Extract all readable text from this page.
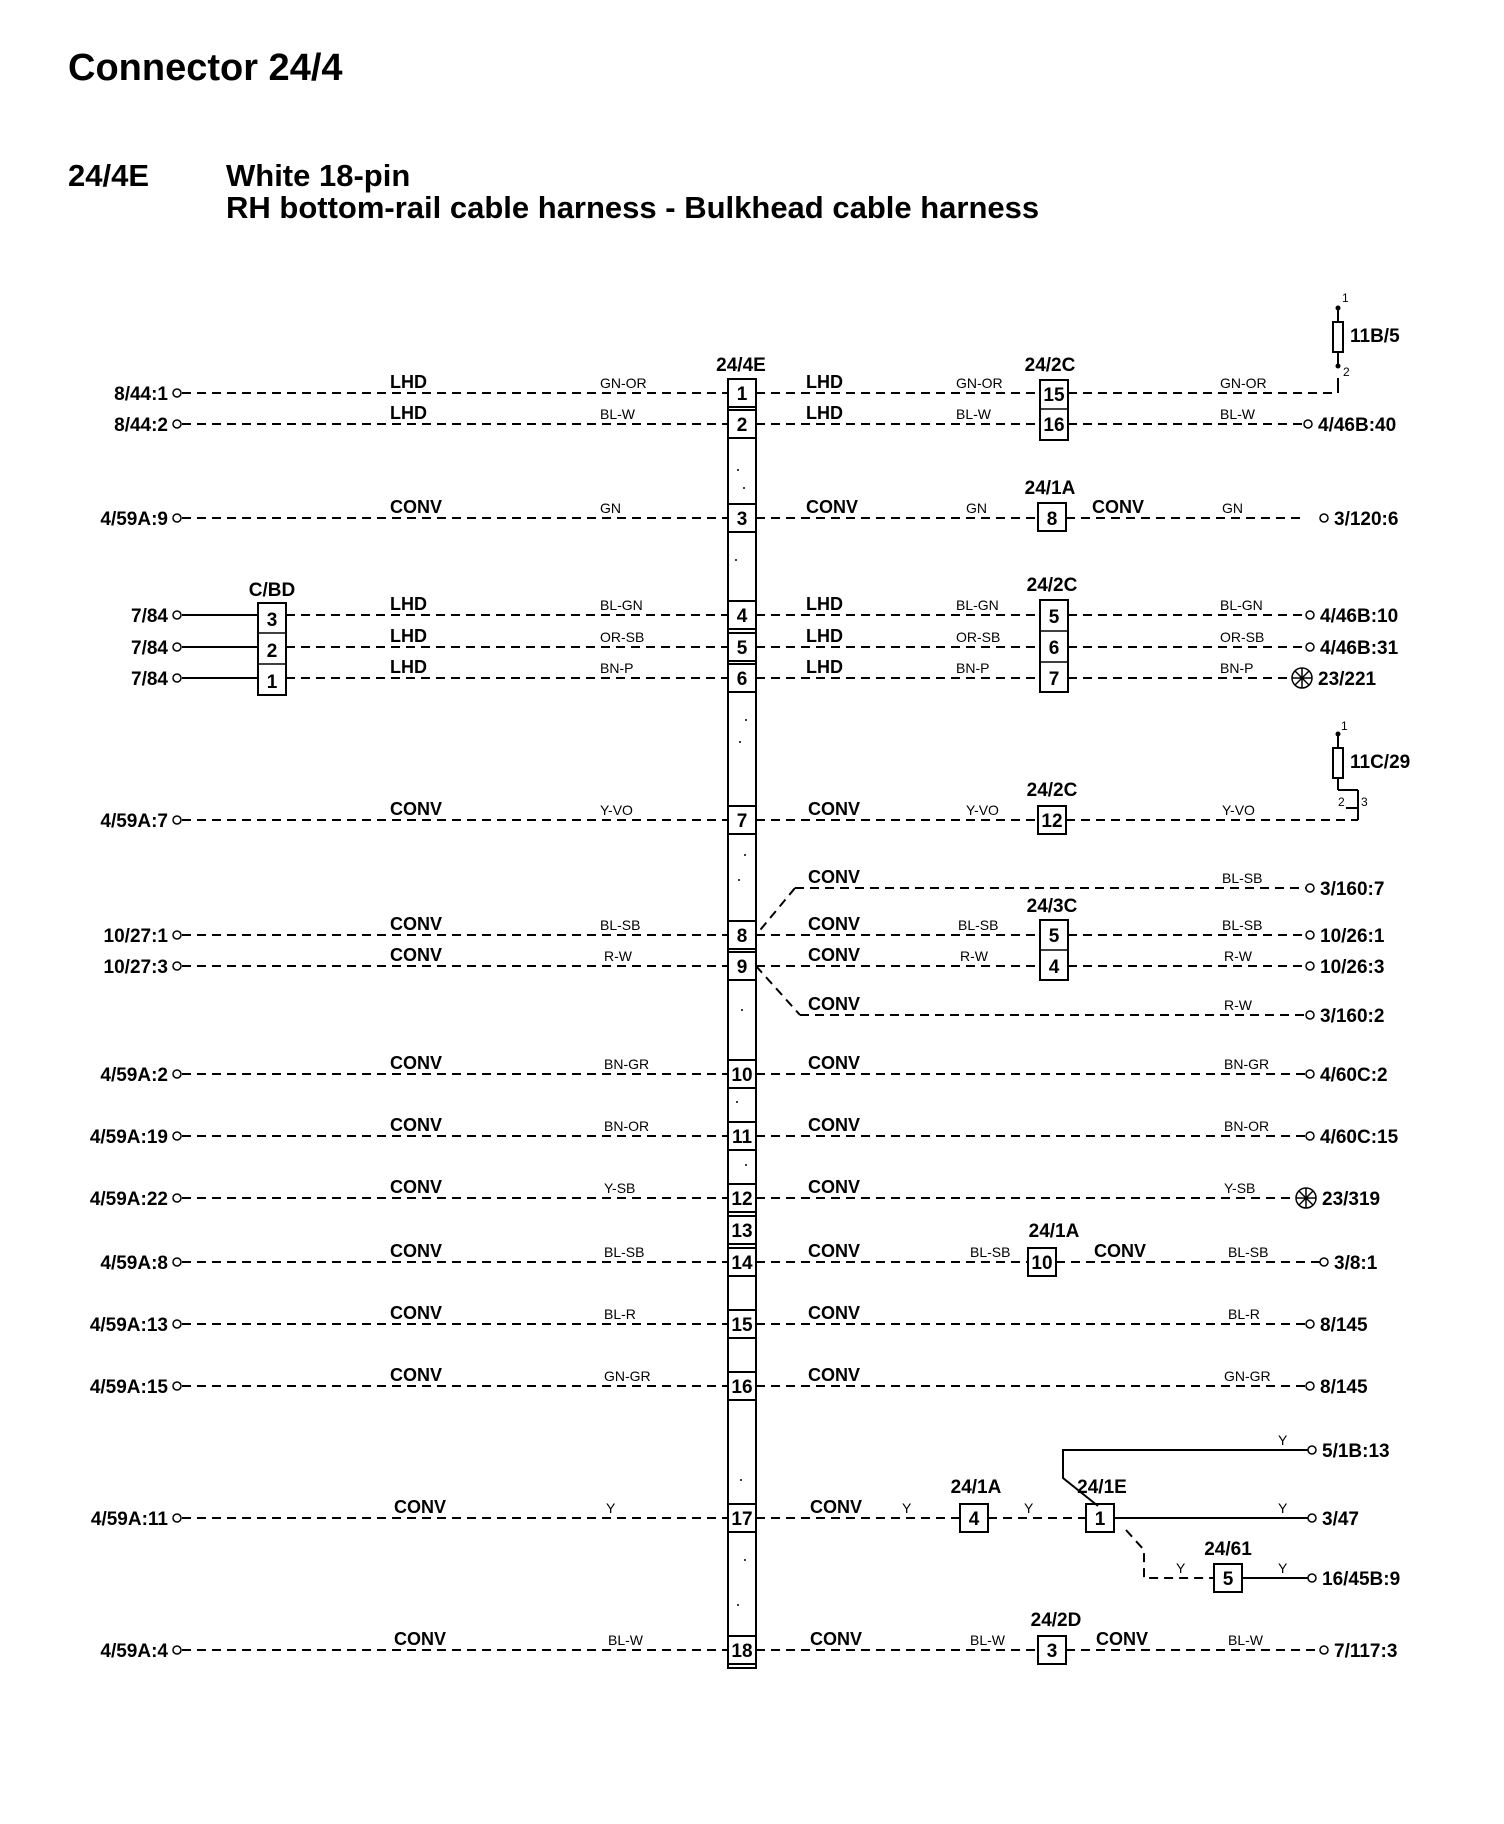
Connector 24/4
24/4E White 18-pin
RH bottom-rail cable harness - Bulkhead cable harness
24/4E
1
2
3
4
5
6
7
8
9
10
11
12
13
14
15
16
17
18
C/BD
3
2
1
1
2
11B/5
1
2 3
11C/29
24/2C
15
16
24/1A
8
24/2C
5
6
7
24/2C
12
24/3C
5
4
24/1A
10
24/1A
4
24/1E
1
24/61
5
24/2D
3
8/44:1
8/44:2
4/59A:9
7/84
7/84
7/84
4/59A:7
10/27:1
10/27:3
4/59A:2
4/59A:19
4/59A:22
4/59A:8
4/59A:13
4/59A:15
4/59A:11
4/59A:4
LHD	LHD
LHD	LHD
CONV	CONV	CONV
LHD	LHD
LHD	LHD
LHD	LHD
CONV	CONV
CONV
CONV	CONV
CONV	CONV
CONV
CONV	CONV
CONV	CONV
CONV	CONV
CONV	CONV	CONV
CONV	CONV
CONV	CONV
CONV	CONV
CONV	CONV	CONV
GN-OR	GN-OR	GN-OR
BL-W	BL-W	BL-W
GN	GN	GN
BL-GN	BL-GN	BL-GN
OR-SB	OR-SB	OR-SB
BN-P	BN-P	BN-P
Y-VO	Y-VO	Y-VO
BL-SB
BL-SB	BL-SB	BL-SB
R-W	R-W	R-W
R-W
BN-GR	BN-GR
BN-OR	BN-OR
Y-SB	Y-SB
BL-SB	BL-SB	BL-SB
BL-R	BL-R
GN-GR	GN-GR
Y	Y	Y
Y
Y
Y	Y
BL-W	BL-W	BL-W
4/46B:40
3/120:6
4/46B:10
4/46B:31
23/221
3/160:7
10/26:1
10/26:3
3/160:2
4/60C:2
4/60C:15
23/319
3/8:1
8/145
8/145
5/1B:13
3/47
16/45B:9
7/117:3
